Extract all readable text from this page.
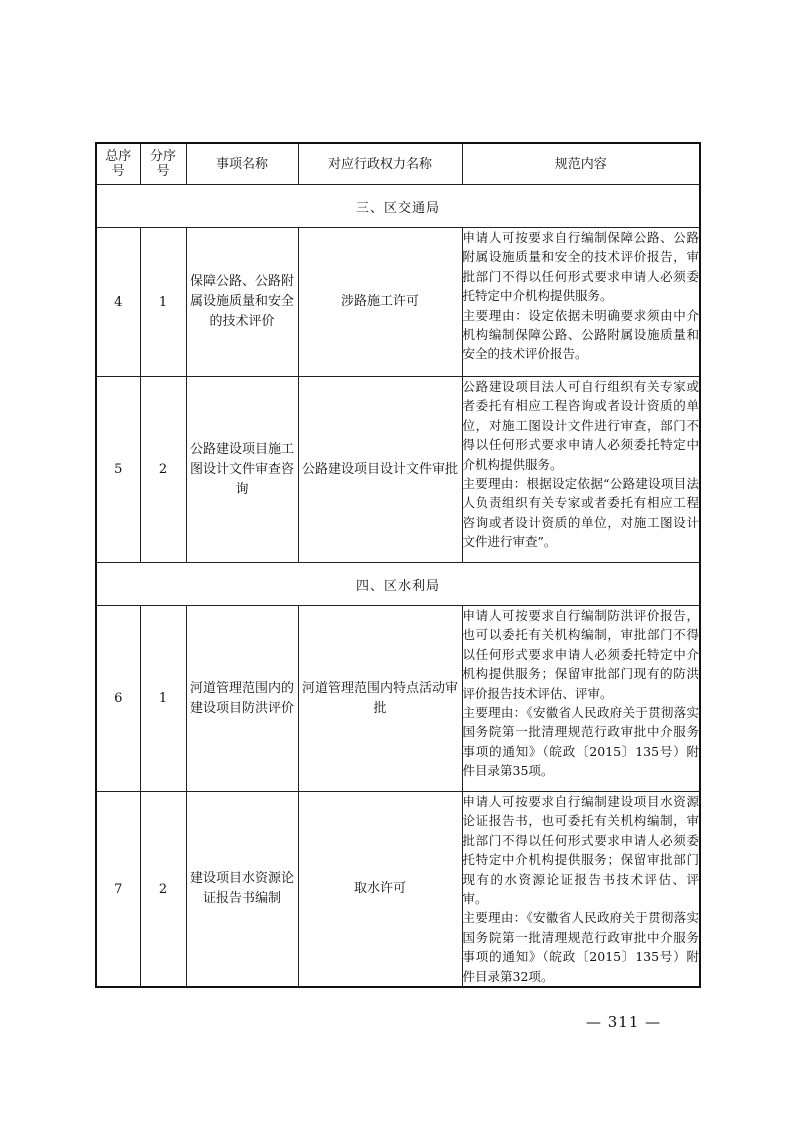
总序号	分序号	事项名称	对应行政权力名称	规范内容
三、区交通局				
4	1	保障公路、公路附属设施质量和安全的技术评价	涉路施工许可	申请人可按要求自行编制保障公路、公路附属设施质量和安全的技术评价报告，审批部门不得以任何形式要求申请人必须委托特定中介机构提供服务。

主要理由：设定依据未明确要求须由中介机构编制保障公路、公路附属设施质量和安全的技术评价报告。

5	2	公路建设项目施工图设计文件审查咨询	公路建设项目设计文件审批	公路建设项目法人可自行组织有关专家或者委托有相应工程咨询或者设计资质的单位，对施工图设计文件进行审查，部门不得以任何形式要求申请人必须委托特定中介机构提供服务。

主要理由：根据设定依据“公路建设项目法人负责组织有关专家或者委托有相应工程咨询或者设计资质的单位，对施工图设计文件进行审查”。

四、区水利局				
6	1	河道管理范围内的建设项目防洪评价	河道管理范围内特点活动审批	申请人可按要求自行编制防洪评价报告，也可以委托有关机构编制，审批部门不得以任何形式要求申请人必须委托特定中介机构提供服务；保留审批部门现有的防洪评价报告技术评估、评审。

主要理由：《安徽省人民政府关于贯彻落实国务院第一批清理规范行政审批中介服务事项的通知》（皖政〔2015〕135号）附件目录第35项。

7	2	建设项目水资源论证报告书编制	取水许可	申请人可按要求自行编制建设项目水资源论证报告书，也可委托有关机构编制，审批部门不得以任何形式要求申请人必须委托特定中介机构提供服务；保留审批部门现有的水资源论证报告书技术评估、评审。

主要理由：《安徽省人民政府关于贯彻落实国务院第一批清理规范行政审批中介服务事项的通知》（皖政〔2015〕135号）附件目录第32项。

— 311 —
